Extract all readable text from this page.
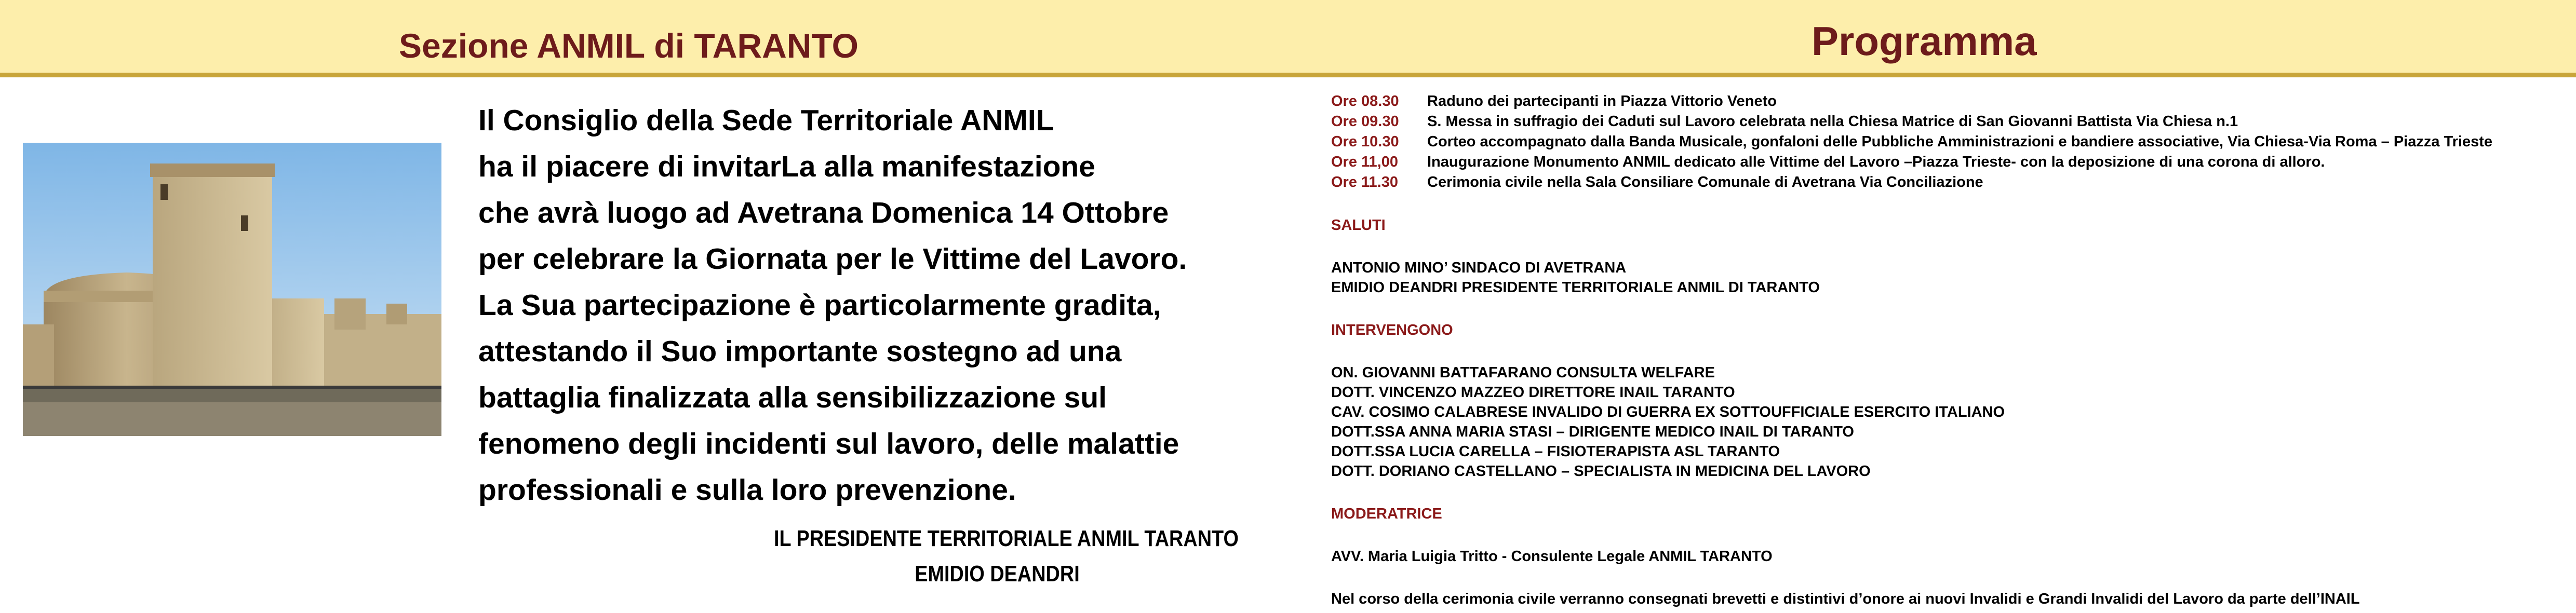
Sezione ANMIL di TARANTO	Programma

Il Consiglio della Sede Territoriale ANMIL

ha il piacere di invitarLa alla manifestazione

che avrà luogo ad Avetrana Domenica 14 Ottobre

per celebrare la Giornata per le Vittime del Lavoro.

La Sua partecipazione è particolarmente gradita,

attestando il Suo importante sostegno ad una

battaglia finalizzata alla sensibilizzazione sul

fenomeno degli incidenti sul lavoro, delle malattie

professionali e sulla loro prevenzione.

IL PRESIDENTE TERRITORIALE ANMIL TARANTO
EMIDIO DEANDRI
Ore 08.30 Raduno dei partecipanti in Piazza Vittorio Veneto
Ore 09.30 S. Messa in suffragio dei Caduti sul Lavoro celebrata nella Chiesa Matrice di San Giovanni Battista Via Chiesa n.1
Ore 10.30 Corteo accompagnato dalla Banda Musicale, gonfaloni delle Pubbliche Amministrazioni e bandiere associative, Via Chiesa-Via Roma – Piazza Trieste
Ore 11,00 Inaugurazione Monumento ANMIL dedicato alle Vittime del Lavoro –Piazza Trieste- con la deposizione di una corona di alloro.
Ore 11.30 Cerimonia civile nella Sala Consiliare Comunale di Avetrana Via Conciliazione
SALUTI
ANTONIO MINO’ SINDACO DI AVETRANA
EMIDIO DEANDRI PRESIDENTE TERRITORIALE ANMIL DI TARANTO
INTERVENGONO
ON. GIOVANNI BATTAFARANO CONSULTA WELFARE
DOTT. VINCENZO MAZZEO DIRETTORE INAIL TARANTO
CAV. COSIMO CALABRESE INVALIDO DI GUERRA EX SOTTOUFFICIALE ESERCITO ITALIANO
DOTT.SSA ANNA MARIA STASI – DIRIGENTE MEDICO INAIL DI TARANTO
DOTT.SSA LUCIA CARELLA – FISIOTERAPISTA ASL TARANTO
DOTT. DORIANO CASTELLANO – SPECIALISTA IN MEDICINA DEL LAVORO
MODERATRICE
AVV. Maria Luigia Tritto - Consulente Legale ANMIL TARANTO
Nel corso della cerimonia civile verranno consegnati brevetti e distintivi d’onore ai nuovi Invalidi e Grandi Invalidi del Lavoro da parte dell’INAIL
